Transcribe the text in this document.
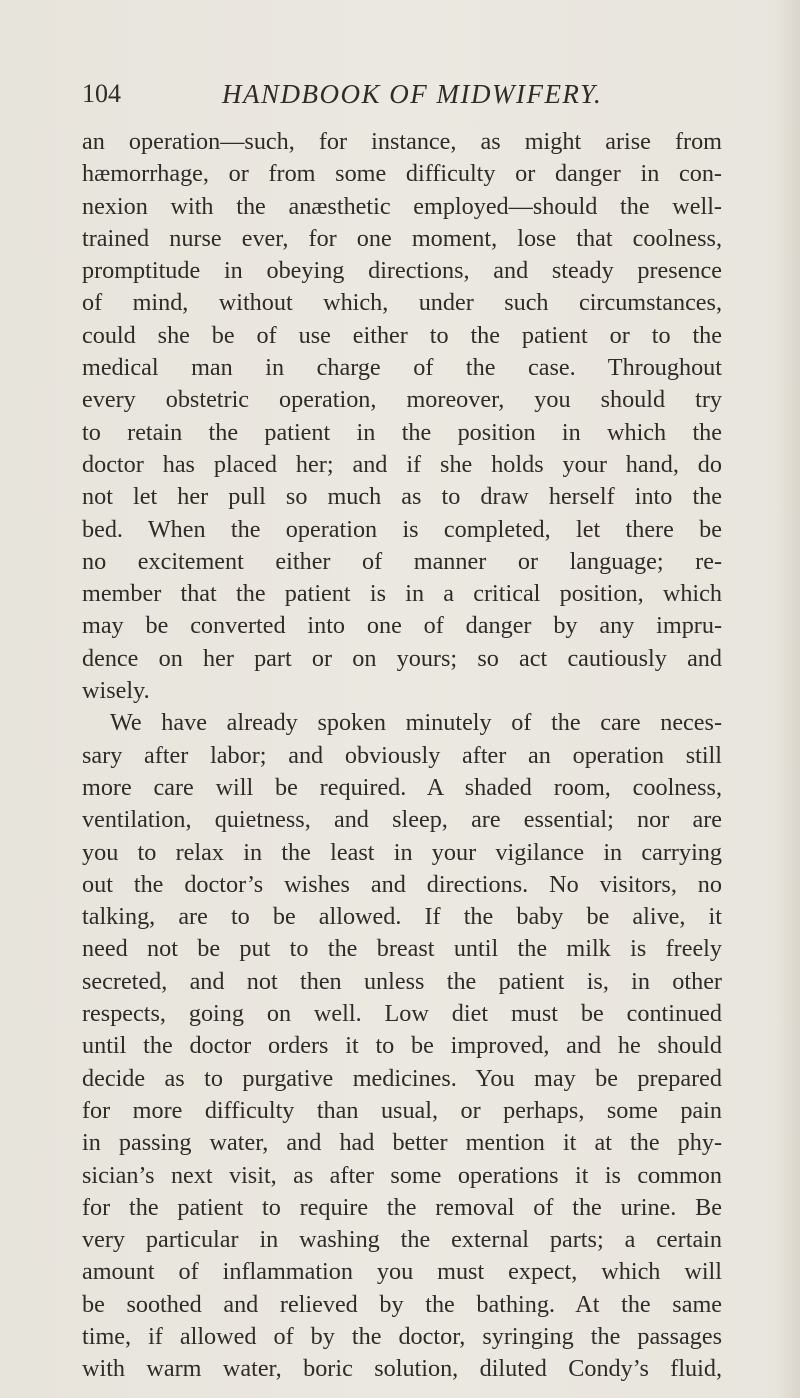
104	HANDBOOK OF MIDWIFERY.
an operation—such, for instance, as might arise from
hæmorrhage, or from some difficulty or danger in con-
nexion with the anæsthetic employed—should the well-
trained nurse ever, for one moment, lose that coolness,
promptitude in obeying directions, and steady presence
of mind, without which, under such circumstances,
could she be of use either to the patient or to the
medical man in charge of the case. Throughout
every obstetric operation, moreover, you should try
to retain the patient in the position in which the
doctor has placed her; and if she holds your hand, do
not let her pull so much as to draw herself into the
bed. When the operation is completed, let there be
no excitement either of manner or language; re-
member that the patient is in a critical position, which
may be converted into one of danger by any impru-
dence on her part or on yours; so act cautiously and
wisely.
We have already spoken minutely of the care neces-
sary after labor; and obviously after an operation still
more care will be required. A shaded room, coolness,
ventilation, quietness, and sleep, are essential; nor are
you to relax in the least in your vigilance in carrying
out the doctor’s wishes and directions. No visitors, no
talking, are to be allowed. If the baby be alive, it
need not be put to the breast until the milk is freely
secreted, and not then unless the patient is, in other
respects, going on well. Low diet must be continued
until the doctor orders it to be improved, and he should
decide as to purgative medicines. You may be prepared
for more difficulty than usual, or perhaps, some pain
in passing water, and had better mention it at the phy-
sician’s next visit, as after some operations it is common
for the patient to require the removal of the urine. Be
very particular in washing the external parts; a certain
amount of inflammation you must expect, which will
be soothed and relieved by the bathing. At the same
time, if allowed of by the doctor, syringing the passages
with warm water, boric solution, diluted Condy’s fluid,
